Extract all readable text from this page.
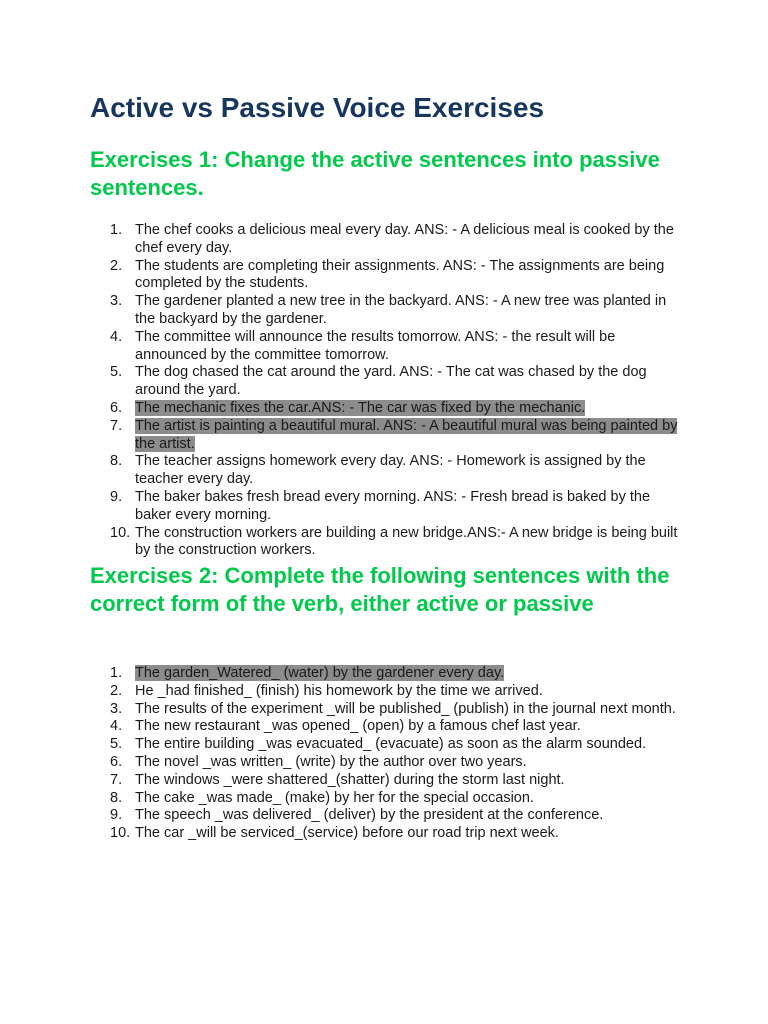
Active vs Passive Voice Exercises
Exercises 1: Change the active sentences into passive sentences.
1. The chef cooks a delicious meal every day. ANS: - A delicious meal is cooked by the chef every day.
2. The students are completing their assignments. ANS: - The assignments are being completed by the students.
3. The gardener planted a new tree in the backyard. ANS: - A new tree was planted in the backyard by the gardener.
4. The committee will announce the results tomorrow. ANS: - the result will be announced by the committee tomorrow.
5. The dog chased the cat around the yard. ANS: - The cat was chased by the dog around the yard.
6. The mechanic fixes the car.ANS: - The car was fixed by the mechanic.
7. The artist is painting a beautiful mural. ANS: - A beautiful mural was being painted by the artist.
8. The teacher assigns homework every day. ANS: - Homework is assigned by the teacher every day.
9. The baker bakes fresh bread every morning. ANS: - Fresh bread is baked by the baker every morning.
10. The construction workers are building a new bridge.ANS:- A new bridge is being built by the construction workers.
Exercises 2: Complete the following sentences with the correct form of the verb, either active or passive
1. The garden_Watered_ (water) by the gardener every day.
2. He _had finished_ (finish) his homework by the time we arrived.
3. The results of the experiment _will be published_ (publish) in the journal next month.
4. The new restaurant _was opened_ (open) by a famous chef last year.
5. The entire building _was evacuated_ (evacuate) as soon as the alarm sounded.
6. The novel _was written_ (write) by the author over two years.
7. The windows _were shattered_(shatter) during the storm last night.
8. The cake _was made_ (make) by her for the special occasion.
9. The speech _was delivered_ (deliver) by the president at the conference.
10. The car _will be serviced_(service) before our road trip next week.
